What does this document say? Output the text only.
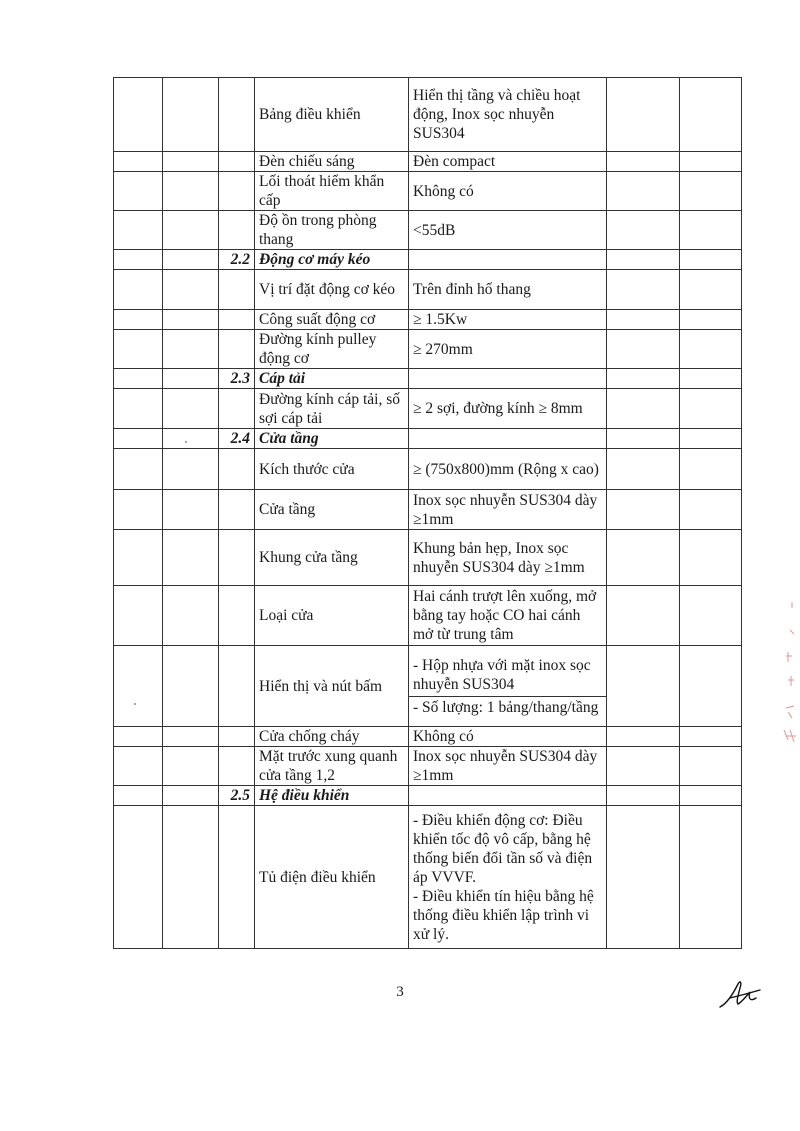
			Bảng điều khiển	Hiển thị tầng và chiều hoạt động, Inox sọc nhuyễn SUS304		

			Đèn chiếu sáng	Đèn compact		

			Lối thoát hiểm khẩn cấp	Không có		

			Độ ồn trong phòng thang	<55dB		

		2.2	Động cơ máy kéo	

			Vị trí đặt động cơ kéo	Trên đỉnh hố thang		

			Công suất động cơ	≥ 1.5Kw		

			Đường kính pulley động cơ	≥ 270mm		

		2.3	Cáp tải	

			Đường kính cáp tải, số sợi cáp tải	≥ 2 sợi, đường kính ≥ 8mm		

		2.4	Cửa tầng	

			Kích thước cửa	≥ (750x800)mm (Rộng x cao)		

			Cửa tầng	Inox sọc nhuyễn SUS304 dày ≥1mm		

			Khung cửa tầng	Khung bản hẹp, Inox sọc nhuyễn SUS304 dày ≥1mm		

			Loại cửa	Hai cánh trượt lên xuống, mở bằng tay hoặc CO hai cánh mở từ trung tâm		

			Hiển thị và nút bấm	- Hộp nhựa với mặt inox sọc nhuyễn SUS304
- Số lượng: 1 bảng/thang/tầng		

			Cửa chống cháy	Không có		

			Mặt trước xung quanh cửa tầng 1,2	Inox sọc nhuyễn SUS304 dày ≥1mm		

		2.5	Hệ điều khiển	

			Tủ điện điều khiển	- Điều khiển động cơ: Điều khiển tốc độ vô cấp, bằng hệ thống biến đổi tần số và điện áp VVVF.
- Điều khiển tín hiệu bằng hệ thống điều khiển lập trình vi xử lý.		

3
